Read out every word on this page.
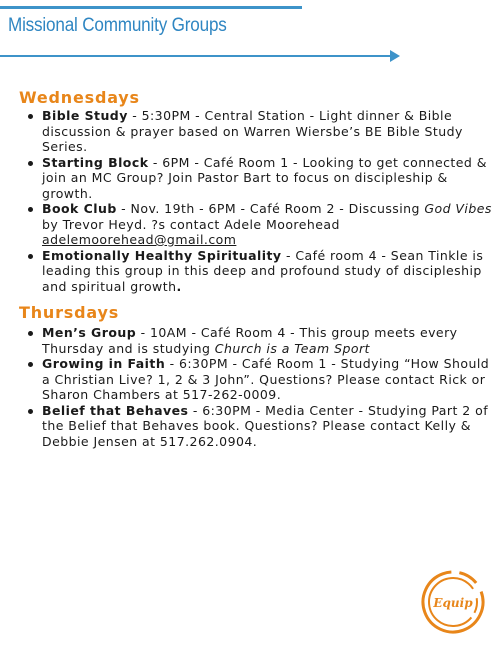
Missional Community Groups
Wednesdays
Bible Study - 5:30PM - Central Station - Light dinner & Bible discussion & prayer based on Warren Wiersbe’s BE Bible Study Series.
Starting Block - 6PM - Café Room 1 - Looking to get connected & join an MC Group? Join Pastor Bart to focus on discipleship & growth.
Book Club - Nov. 19th - 6PM - Café Room 2 - Discussing God Vibes by Trevor Heyd. ?s contact Adele Moorehead adelemoorehead@gmail.com
Emotionally Healthy Spirituality - Café room 4 - Sean Tinkle is leading this group in this deep and profound study of discipleship and spiritual growth.
Thursdays
Men’s Group - 10AM - Café Room 4 - This group meets every Thursday and is studying Church is a Team Sport
Growing in Faith - 6:30PM - Café Room 1 - Studying “How Should a Christian Live? 1, 2 & 3 John”. Questions? Please contact Rick or Sharon Chambers at 517-262-0009.
Belief that Behaves - 6:30PM - Media Center - Studying Part 2 of the Belief that Behaves book. Questions? Please contact Kelly & Debbie Jensen at 517.262.0904.
Equip
